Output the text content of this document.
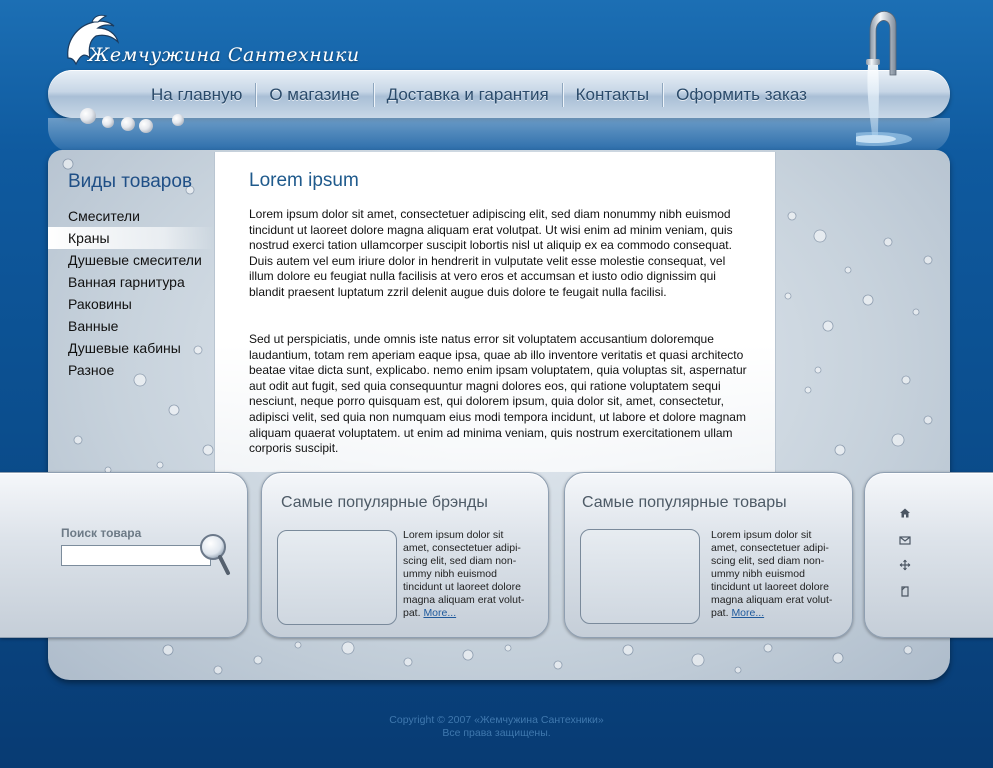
Жемчужина Сантехники
На главную	О магазине	Доставка и гарантия	Контакты	Оформить заказ
Виды товаров
Смесители
Краны
Душевые смесители
Ванная гарнитура
Раковины
Ванные
Душевые кабины
Разное
Lorem ipsum

Lorem ipsum dolor sit amet, consectetuer adipiscing elit, sed diam nonummy nibh euismod tincidunt ut laoreet dolore magna aliquam erat volutpat. Ut wisi enim ad minim veniam, quis nostrud exerci tation ullamcorper suscipit lobortis nisl ut aliquip ex ea commodo consequat. Duis autem vel eum iriure dolor in hendrerit in vulputate velit esse molestie consequat, vel illum dolore eu feugiat nulla facilisis at vero eros et accumsan et iusto odio dignissim qui blandit praesent luptatum zzril delenit augue duis dolore te feugait nulla facilisi.

Sed ut perspiciatis, unde omnis iste natus error sit voluptatem accusantium doloremque laudantium, totam rem aperiam eaque ipsa, quae ab illo inventore veritatis et quasi architecto beatae vitae dicta sunt, explicabo. nemo enim ipsam voluptatem, quia voluptas sit, aspernatur aut odit aut fugit, sed quia consequuntur magni dolores eos, qui ratione voluptatem sequi nesciunt, neque porro quisquam est, qui dolorem ipsum, quia dolor sit, amet, consectetur, adipisci velit, sed quia non numquam eius modi tempora incidunt, ut labore et dolore magnam aliquam quaerat voluptatem. ut enim ad minima veniam, quis nostrum exercitationem ullam corporis suscipit.

Поиск товара
Самые популярные брэнды
Lorem ipsum dolor sit amet, consectetuer adipi-scing elit, sed diam non-ummy nibh euismod tincidunt ut laoreet dolore magna aliquam erat volut-pat. More...
Самые популярные товары
Lorem ipsum dolor sit amet, consectetuer adipi-scing elit, sed diam non-ummy nibh euismod tincidunt ut laoreet dolore magna aliquam erat volut-pat. More...
Copyright © 2007 «Жемчужина Сантехники»
Все права защищены.
